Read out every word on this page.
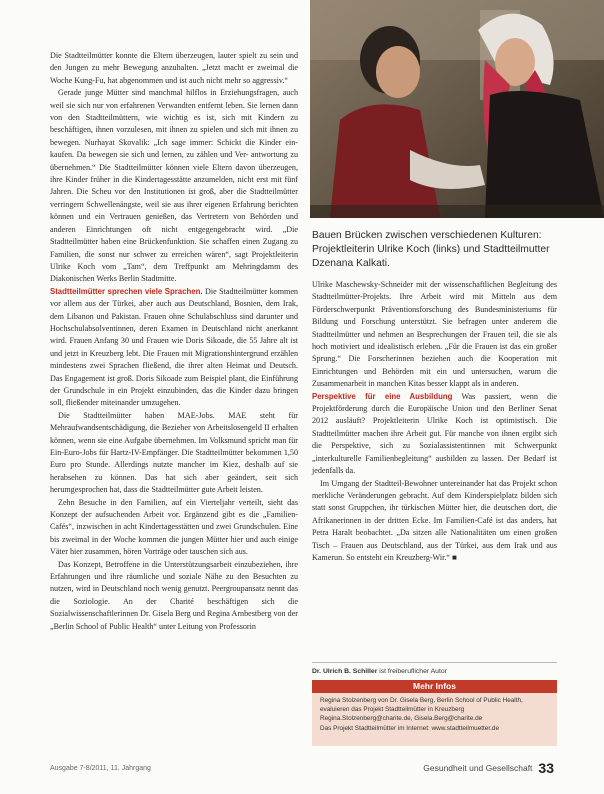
Die Stadtteilmütter konnte die Eltern überzeugen, lauter spielt zu sein und den Jungen zu mehr Bewegung anzuhalten. „Jetzt macht er zweimal die Woche Kung-Fu, hat abgenommen und ist auch nicht mehr so aggressiv.“

Gerade junge Mütter sind manchmal hilflos in Erziehungsfragen, auch weil sie sich nur von erfahrenen Verwandten entfernt leben. Sie lernen dann von den Stadtteilmüttern, wie wichtig es ist, sich mit Kindern zu beschäftigen, ihnen vorzulesen, mit ihnen zu spielen und sich mit ihnen zu bewegen. Nurhayat Skovalik: „Ich sage immer: Schickt die Kinder ein- kaufen. Da bewegen sie sich und lernen, zu zählen und Ver- antwortung zu übernehmen.“ Die Stadtteilmütter können viele Eltern davon überzeugen, ihre Kinder früher in die Kindertagesstätte anzumelden, nicht erst mit fünf Jahren. Die Scheu vor den Institutionen ist groß, aber die Stadtteilmütter verringern Schwellenängste, weil sie aus ihrer eigenen Erfahrung berichten können und ein Vertrauen genießen, das Vertretern von Behörden und anderen Einrichtungen oft nicht entgegengebracht wird. „Die Stadtteilmütter haben eine Brückenfunktion. Sie schaffen einen Zugang zu Familien, die sonst nur schwer zu erreichen wären“, sagt Projektleiterin Ulrike Koch vom „Tam“, dem Treffpunkt am Mehringdamm des Diakonischen Werks Berlin Stadtmitte.

Stadtteilmütter sprechen viele Sprachen. Die Stadtteilmütter kommen vor allem aus der Türkei, aber auch aus Deutschland, Bosnien, dem Irak, dem Libanon und Pakistan. Frauen ohne Schulabschluss sind darunter und Hochschulabsolventinnen, deren Examen in Deutschland nicht anerkannt wird. Frauen Anfang 30 und Frauen wie Doris Sikoade, die 55 Jahre alt ist und jetzt in Kreuzberg lebt. Die Frauen mit Migrationshintergrund erzählen mindestens zwei Sprachen fließend, die ihrer alten Heimat und Deutsch. Das Engagement ist groß. Doris Sikoade zum Beispiel plant, die Einführung der Grundschule in ein Projekt einzubinden, das die Kinder dazu bringen soll, fließender miteinander umzugehen.

Die Stadtteilmütter haben MAE-Jobs. MAE steht für Mehraufwandsentschädigung, die Bezieher von Arbeitslosengeld II erhalten können, wenn sie eine Aufgabe übernehmen. Im Volksmund spricht man für Ein-Euro-Jobs für Hartz-IV-Empfänger. Die Stadtteilmütter bekommen 1,50 Euro pro Stunde. Allerdings nutzte mancher im Kiez, deshalb auf sie herabsehen zu können. Das hat sich aber geändert, seit sich herumgesprochen hat, dass die Stadtteilmütter gute Arbeit leisten.

Zehn Besuche in den Familien, auf ein Vierteljahr verteilt, sieht das Konzept der aufsuchenden Arbeit vor. Ergänzend gibt es die „Familien-Cafés“, inzwischen in acht Kindertagesstätten und zwei Grundschulen. Eine bis zweimal in der Woche kommen die jungen Mütter hier und auch einige Väter hier zusammen, hören Vorträge oder tauschen sich aus.

Das Konzept, Betroffene in die Unterstützungsarbeit einzubeziehen, ihre Erfahrungen und ihre räumliche und soziale Nähe zu den Besuchten zu nutzen, wird in Deutschland noch wenig genutzt. Peergroupansatz nennt das die Soziologie. An der Charité beschäftigen sich die Sozialwissenschaftlerinnen Dr. Gisela Berg und Regina Arnbestberg von der „Berlin School of Public Health“ unter Leitung von Professorin

Bauen Brücken zwischen verschiedenen Kulturen: Projektleiterin Ulrike Koch (links) und Stadtteilmutter Dzenana Kalkati.

Ulrike Maschewsky-Schneider mit der wissenschaftlichen Begleitung des Stadtteilmütter-Projekts. Ihre Arbeit wird mit Mitteln aus dem Förderschwerpunkt Präventionsforschung des Bundesministeriums für Bildung und Forschung unterstützt. Sie befragen unter anderem die Stadtteilmütter und nehmen an Besprechungen der Frauen teil, die sie als hoch motiviert und idealistisch erleben. „Für die Frauen ist das ein großer Sprung.“ Die Forscherinnen beziehen auch die Kooperation mit Einrichtungen und Behörden mit ein und untersuchen, warum die Zusammenarbeit in manchen Kitas besser klappt als in anderen.

Perspektive für eine Ausbildung Was passiert, wenn die Projektförderung durch die Europäische Union und den Berliner Senat 2012 ausläuft? Projektleiterin Ulrike Koch ist optimistisch. Die Stadtteilmütter machen ihre Arbeit gut. Für manche von ihnen ergibt sich die Perspektive, sich zu Sozialassistentinnen mit Schwerpunkt „interkulturelle Familienbegleitung“ ausbilden zu lassen. Der Bedarf ist jedenfalls da.

Im Umgang der Stadtteil-Bewohner untereinander hat das Projekt schon merkliche Veränderungen gebracht. Auf dem Kinderspielplatz bilden sich statt sonst Gruppchen, ihr türkischen Mütter hier, die deutschen dort, die Afrikanerinnen in der dritten Ecke. Im Familien-Café ist das anders, hat Petra Haralt beobachtet. „Da sitzen alle Nationalitäten um einen großen Tisch – Frauen aus Deutschland, aus der Türkei, aus dem Irak und aus Kamerun. So entsteht ein Kreuzberg-Wir.“ ■

Dr. Ulrich B. Schiller ist freiberuflicher Autor
Mehr Infos
Regina Stolzenberg von Dr. Gisela Berg, Berlin School of Public Health,
evaluieren das Projekt Stadtteilmütter in Kreuzberg
Regina.Stolzenberg@charite.de, Gisela.Berg@charite.de
Das Projekt Stadtteilmütter im Internet: www.stadtteilmuetter.de
Ausgabe 7-8/2011, 11. Jahrgang	Gesundheit und Gesellschaft 33
